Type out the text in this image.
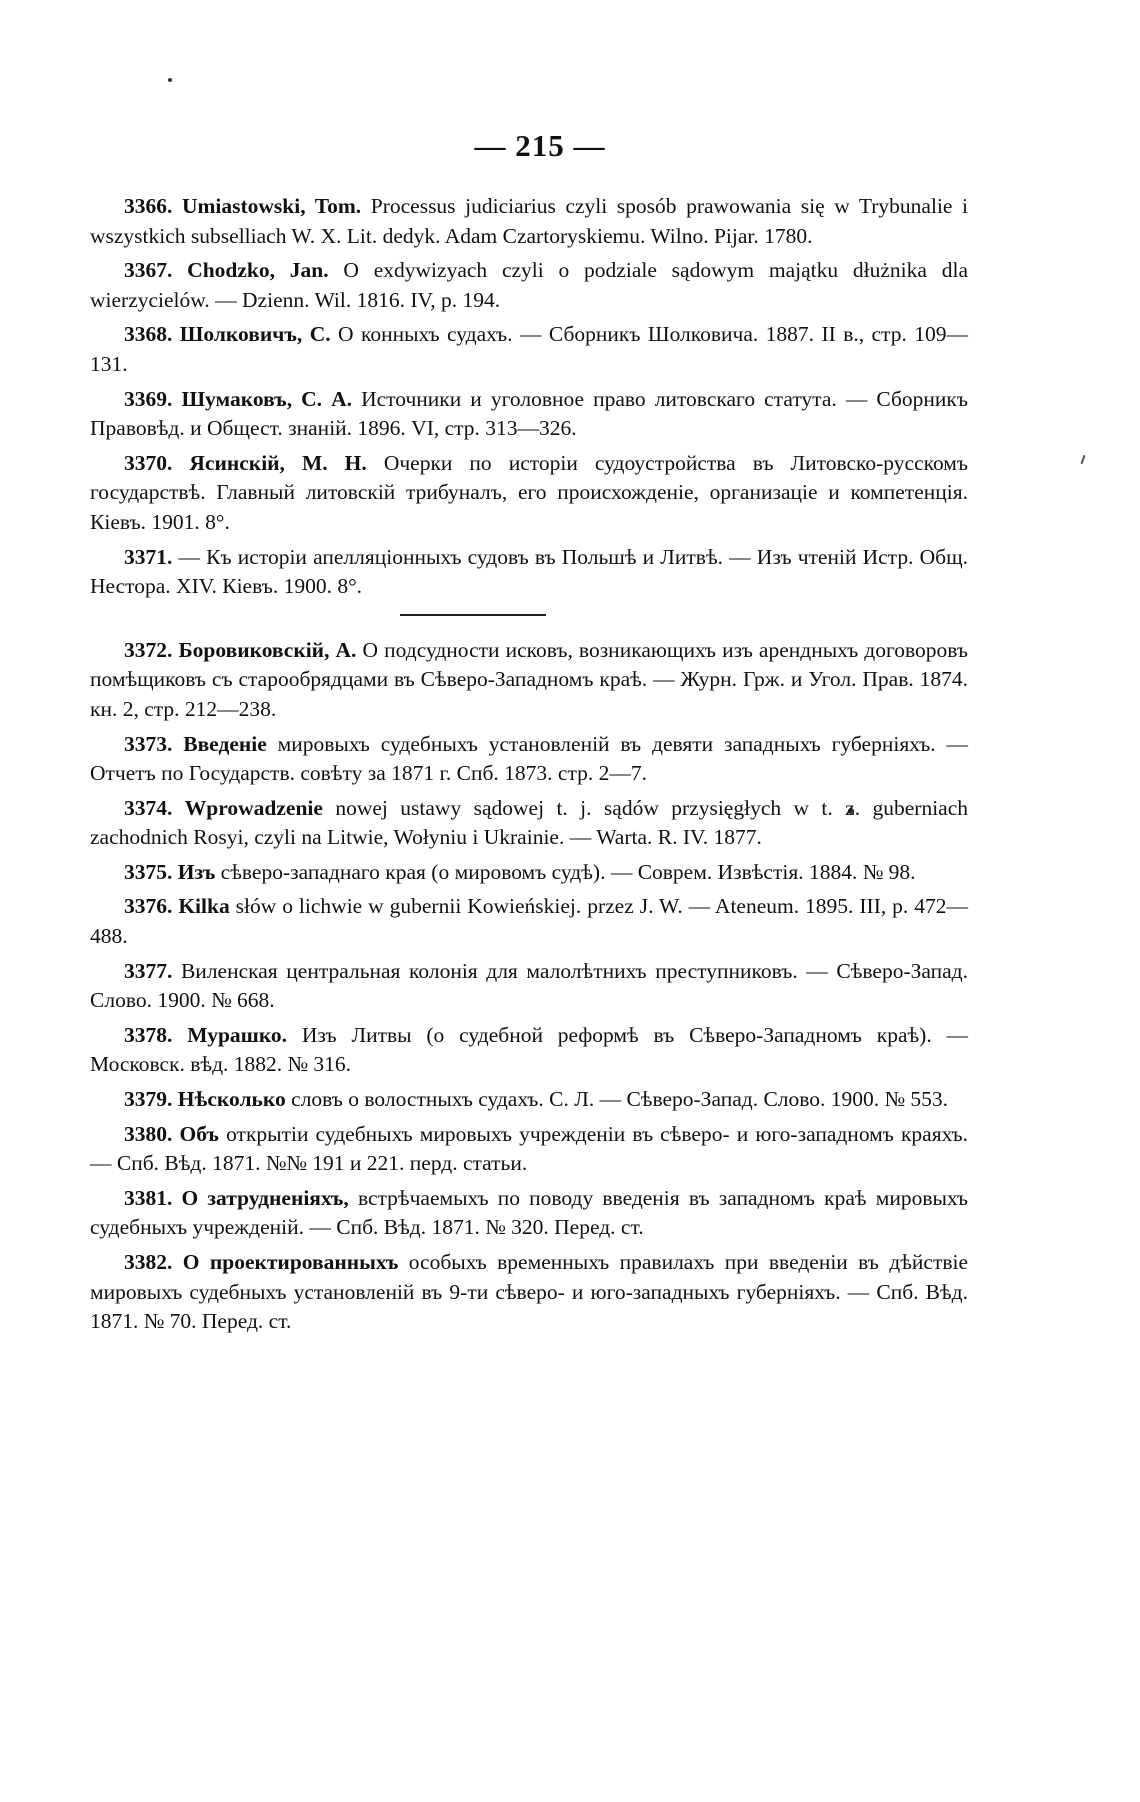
— 215 —

3366. Umiastowski, Tom. Processus judiciarius czyli sposób prawowania się w Trybunalie i wszystkich subselliach W. X. Lit. dedyk. Adam Czartoryskiemu. Wilno. Pijar. 1780.

3367. Chodzko, Jan. O exdywizyach czyli o podziale sądowym majątku dłużnika dla wierzycielów. — Dzienn. Wil. 1816. IV, p. 194.

3368. Шолковичъ, С. О конныхъ судахъ. — Сборникъ Шолковича. 1887. II в., стр. 109—131.

3369. Шумаковъ, С. А. Источники и уголовное право литовскаго статута. — Сборникъ Правовѣд. и Общест. знаній. 1896. VI, стр. 313—326.

3370. Ясинскій, М. Н. Очерки по исторіи судоустройства въ Литовско-русскомъ государствѣ. Главный литовскій трибуналъ, его происхожденіе, организаціе и компетенція. Кіевъ. 1901. 8°.

3371. — Къ исторіи апелляціонныхъ судовъ въ Польшѣ и Литвѣ. — Изъ чтеній Истр. Общ. Нестора. XIV. Кіевъ. 1900. 8°.

3372. Боровиковскій, А. О подсудности исковъ, возникающихъ изъ арендныхъ договоровъ помѣщиковъ съ старообрядцами въ Сѣверо-Западномъ краѣ. — Журн. Грж. и Угол. Прав. 1874. кн. 2, стр. 212—238.

3373. Введеніе мировыхъ судебныхъ установленій въ девяти западныхъ губерніяхъ. — Отчетъ по Государств. совѣту за 1871 г. Спб. 1873. стр. 2—7.

3374. Wprowadzenie nowej ustawy sądowej t. j. sądów przysięgłych w t. z. guberniach zachodnich Rosyi, czyli na Litwie, Wołyniu i Ukrainie. — Warta. R. IV. 1877.

3375. Изъ сѣверо-западнаго края (о мировомъ судѣ). — Соврем. Извѣстія. 1884. № 98.

3376. Kilka słów o lichwie w gubernii Kowieńskiej. przez J. W. — Ateneum. 1895. III, p. 472—488.

3377. Виленская центральная колонія для малолѣтнихъ преступниковъ. — Сѣверо-Запад. Слово. 1900. № 668.

3378. Мурашко. Изъ Литвы (о судебной реформѣ въ Сѣверо-Западномъ краѣ). — Московск. вѣд. 1882. № 316.

3379. Нѣсколько словъ о волостныхъ судахъ. С. Л. — Сѣверо-Запад. Слово. 1900. № 553.

3380. Объ открытіи судебныхъ мировыхъ учрежденіи въ сѣверо- и юго-западномъ краяхъ. — Спб. Вѣд. 1871. №№ 191 и 221. перд. статьи.

3381. О затрудненіяхъ, встрѣчаемыхъ по поводу введенія въ западномъ краѣ мировыхъ судебныхъ учрежденій. — Спб. Вѣд. 1871. № 320. Перед. ст.

3382. О проектированныхъ особыхъ временныхъ правилахъ при введеніи въ дѣйствіе мировыхъ судебныхъ установленій въ 9-ти сѣверо- и юго-западныхъ губерніяхъ. — Спб. Вѣд. 1871. № 70. Перед. ст.
